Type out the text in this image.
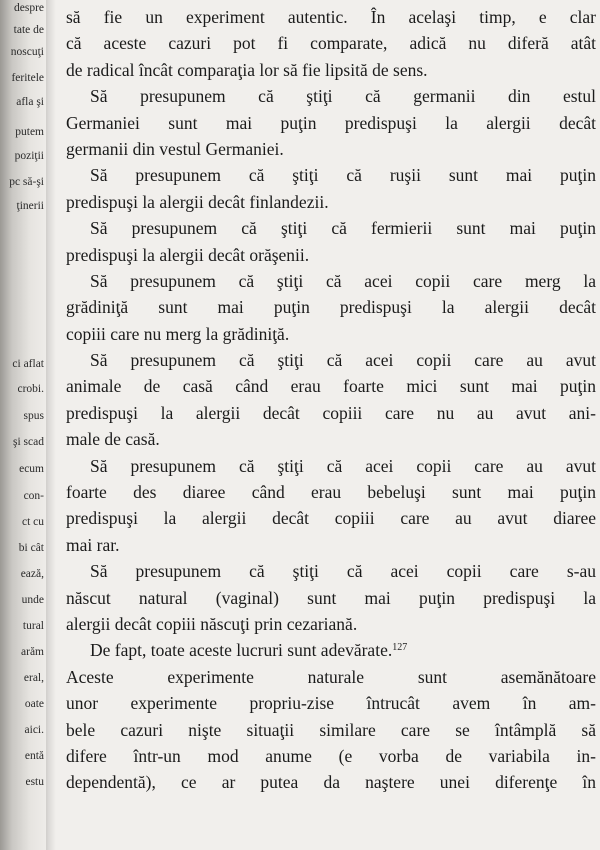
despre
tate de
noscuţi
feritele
afla şi
putem
poziţii
pc să-şi
ţinerii
ci aflat
crobi.
spus
şi scad
ecum
con-
ct cu
bi cât
ează,
unde
tural
arăm
eral,
oate
aici.
entă
estu
să fie un experiment autentic. În acelaşi timp, e clar
că aceste cazuri pot fi comparate, adică nu diferă atât
de radical încât comparaţia lor să fie lipsită de sens.
Să presupunem că ştiţi că germanii din estul
Germaniei sunt mai puţin predispuşi la alergii decât
germanii din vestul Germaniei.
Să presupunem că ştiţi că ruşii sunt mai puţin
predispuşi la alergii decât finlandezii.
Să presupunem că ştiţi că fermierii sunt mai puţin
predispuşi la alergii decât orăşenii.
Să presupunem că ştiţi că acei copii care merg la
grădiniţă sunt mai puţin predispuşi la alergii decât
copiii care nu merg la grădiniţă.
Să presupunem că ştiţi că acei copii care au avut
animale de casă când erau foarte mici sunt mai puţin
predispuşi la alergii decât copiii care nu au avut ani-
male de casă.
Să presupunem că ştiţi că acei copii care au avut
foarte des diaree când erau bebeluşi sunt mai puţin
predispuşi la alergii decât copiii care au avut diaree
mai rar.
Să presupunem că ştiţi că acei copii care s-au
născut natural (vaginal) sunt mai puţin predispuşi la
alergii decât copiii născuţi prin cezariană.
De fapt, toate aceste lucruri sunt adevărate.$^{127}$
Aceste experimente naturale sunt asemănătoare
unor experimente propriu-zise întrucât avem în am-
bele cazuri nişte situaţii similare care se întâmplă să
difere într-un mod anume (e vorba de variabila in-
dependentă), ce ar putea da naştere unei diferenţe în
